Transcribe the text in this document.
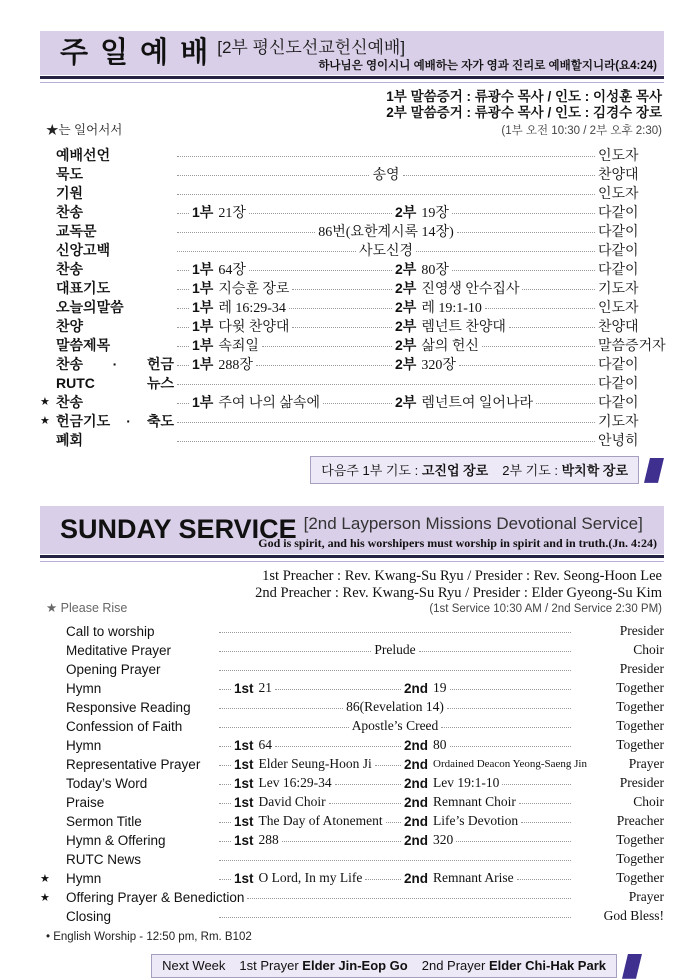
주 일 예 배 [2부 평신도선교헌신예배]
하나님은 영이시니 예배하는 자가 영과 진리로 예배할지니라(요4:24)
1부 말씀증거 : 류광수 목사 / 인도 : 이성훈 목사
2부 말씀증거 : 류광수 목사 / 인도 : 김경수 장로
(1부 오전 10:30 / 2부 오후 2:30)
★는 일어서서
예배선언	인도자
묵도	송영	찬양대
기원	인도자
찬송	1부 21장	2부 19장	다같이
교독문	86번(요한계시록 14장)	다같이
신앙고백	사도신경	다같이
찬송	1부 64장	2부 80장	다같이
대표기도	1부 지승훈 장로	2부 진영생 안수집사	기도자
오늘의말씀	1부 레 16:29-34	2부 레 19:1-10	인도자
찬양	1부 다윗 찬양대	2부 렘넌트 찬양대	찬양대
말씀제목	1부 속죄일	2부 삶의 헌신	말씀증거자
찬송 · 헌금 1부 288장	2부 320장	다같이
RUTC 뉴스	다같이
★ 찬송	1부 주여 나의 삶속에	2부 렘넌트여 일어나라	다같이
★ 헌금기도 · 축도	기도자
폐회	안녕히
다음주 1부 기도 : 고진업 장로 2부 기도 : 박치학 장로
SUNDAY SERVICE [2nd Layperson Missions Devotional Service]
God is spirit, and his worshipers must worship in spirit and in truth.(Jn. 4:24)
1st Preacher : Rev. Kwang-Su Ryu / Presider : Rev. Seong-Hoon Lee
2nd Preacher : Rev. Kwang-Su Ryu / Presider : Elder Gyeong-Su Kim
(1st Service 10:30 AM / 2nd Service 2:30 PM)
★ Please Rise
Call to worship	Presider
Meditative Prayer	Prelude	Choir
Opening Prayer	Presider
Hymn	1st 21	2nd 19	Together
Responsive Reading	86(Revelation 14)	Together
Confession of Faith	Apostle’s Creed	Together
Hymn	1st 64	2nd 80	Together
Representative Prayer	1st Elder Seung-Hoon Ji 2nd Ordained Deacon Yeong-Saeng Jin	Prayer
Today’s Word	1st Lev 16:29-34	2nd Lev 19:1-10	Presider
Praise	1st David Choir	2nd Remnant Choir	Choir
Sermon Title	1st The Day of Atonement 2nd Life’s Devotion	Preacher
Hymn & Offering	1st 288	2nd 320	Together
RUTC News	Together
★	Hymn	1st O Lord, In my Life	2nd Remnant Arise	Together
★	Offering Prayer & Benediction	Prayer
Closing	God Bless!
• English Worship - 12:50 pm, Rm. B102
Next Week 1st Prayer Elder Jin-Eop Go 2nd Prayer Elder Chi-Hak Park
